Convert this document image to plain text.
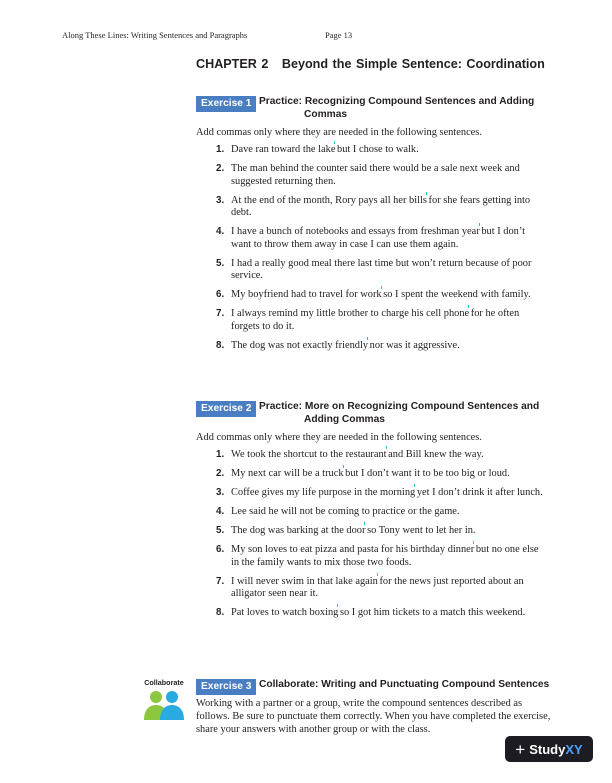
Along These Lines: Writing Sentences and Paragraphs	Page 13
CHAPTER 2 Beyond the Simple Sentence: Coordination
Exercise 1 Practice: Recognizing Compound Sentences and Adding
Commas

Add commas only where they are needed in the following sentences.

1. Dave ran toward the lake but I chose to walk.
2. The man behind the counter said there would be a sale next week and suggested returning then.
3. At the end of the month, Rory pays all her bills for she fears getting into debt.
4. I have a bunch of notebooks and essays from freshman year but I don’t want to throw them away in case I can use them again.
5. I had a really good meal there last time but won’t return because of poor service.
6. My boyfriend had to travel for work so I spent the weekend with family.
7. I always remind my little brother to charge his cell phone for he often forgets to do it.
8. The dog was not exactly friendly nor was it aggressive.
Exercise 2 Practice: More on Recognizing Compound Sentences and
Adding Commas

Add commas only where they are needed in the following sentences.

1. We took the shortcut to the restaurant and Bill knew the way.
2. My next car will be a truck but I don’t want it to be too big or loud.
3. Coffee gives my life purpose in the morning yet I don’t drink it after lunch.
4. Lee said he will not be coming to practice or the game.
5. The dog was barking at the door so Tony went to let her in.
6. My son loves to eat pizza and pasta for his birthday dinner but no one else in the family wants to mix those two foods.
7. I will never swim in that lake again for the news just reported about an alligator seen near it.
8. Pat loves to watch boxing so I got him tickets to a match this weekend.
Collaborate	Exercise 3 Collaborate: Writing and Punctuating Compound Sentences

Working with a partner or a group, write the compound sentences described as follows. Be sure to punctuate them correctly. When you have completed the exercise, share your answers with another group or with the class.

+ Study XY
